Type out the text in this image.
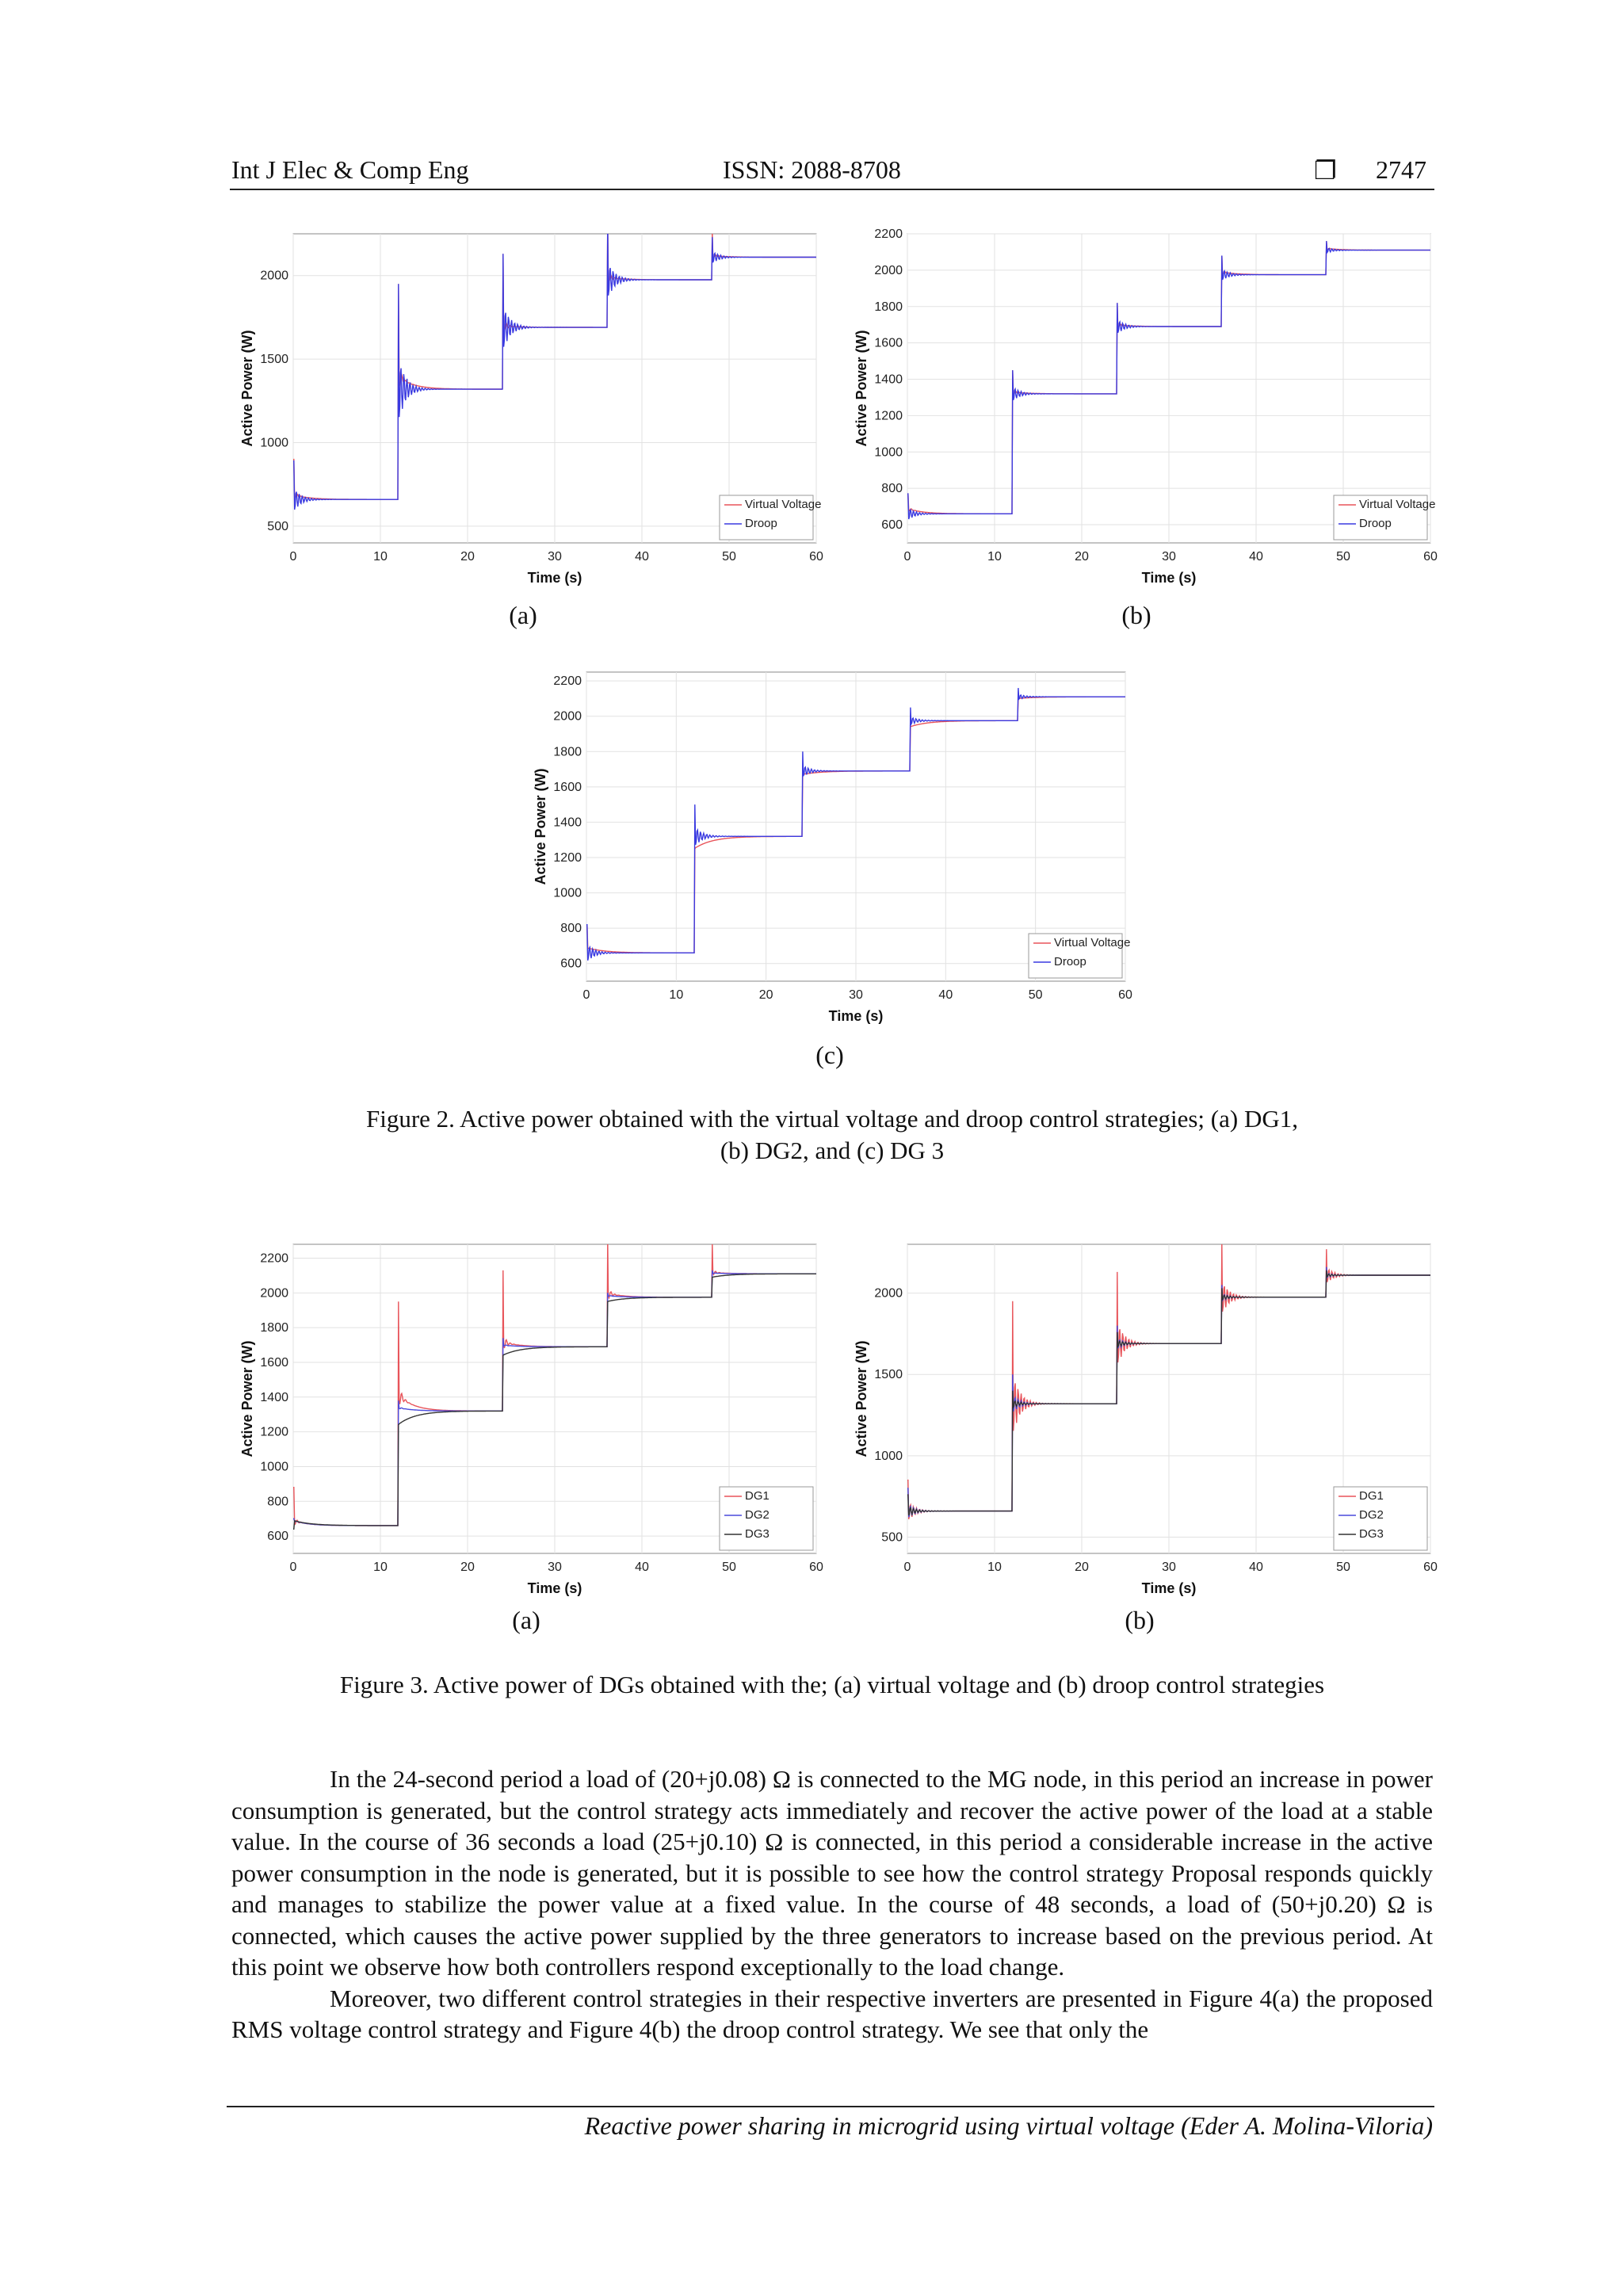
Int J Elec & Comp Eng	ISSN: 2088-8708	❐ 2747
0	10	20	30	40	50	60
500
1000
1500
2000
Time (s)
Active Power (W)
Virtual Voltage
Droop
0	10	20	30	40	50	60
600
800
1000
1200
1400
1600
1800
2000
2200
Time (s)
Active Power (W)
Virtual Voltage
Droop
(a)	(b)
0	10	20	30	40	50	60
600
800
1000
1200
1400
1600
1800
2000
2200
Time (s)
Active Power (W)
Virtual Voltage
Droop
(c)
Figure 2. Active power obtained with the virtual voltage and droop control strategies; (a) DG1,
(b) DG2, and (c) DG 3
0	10	20	30	40	50	60
600
800
1000
1200
1400
1600
1800
2000
2200
Time (s)
Active Power (W)
DG1
DG2
DG3
0	10	20	30	40	50	60
500
1000
1500
2000
Time (s)
Active Power (W)
DG1
DG2
DG3
(a)	(b)
Figure 3. Active power of DGs obtained with the; (a) virtual voltage and (b) droop control strategies

In the 24-second period a load of (20+j0.08) Ω is connected to the MG node, in this period an increase in power consumption is generated, but the control strategy acts immediately and recover the active power of the load at a stable value. In the course of 36 seconds a load (25+j0.10) Ω is connected, in this period a considerable increase in the active power consumption in the node is generated, but it is possible to see how the control strategy Proposal responds quickly and manages to stabilize the power value at a fixed value. In the course of 48 seconds, a load of (50+j0.20) Ω is connected, which causes the active power supplied by the three generators to increase based on the previous period. At this point we observe how both controllers respond exceptionally to the load change.

Moreover, two different control strategies in their respective inverters are presented in Figure 4(a) the proposed RMS voltage control strategy and Figure 4(b) the droop control strategy. We see that only the

Reactive power sharing in microgrid using virtual voltage (Eder A. Molina-Viloria)
